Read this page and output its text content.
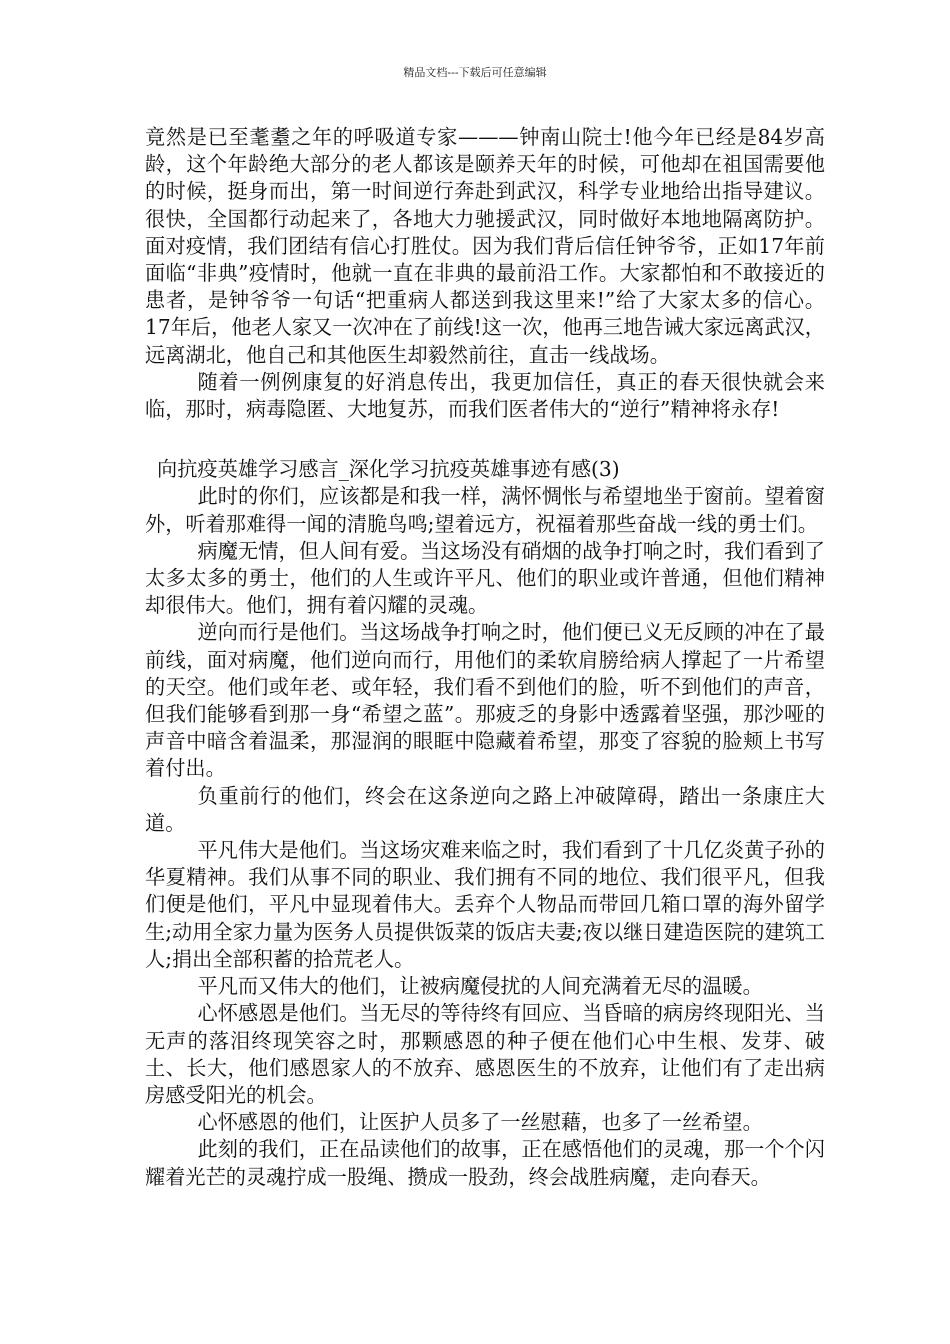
精品文档---下载后可任意编辑

竟然是已至耄耋之年的呼吸道专家———钟南山院士!他今年已经是84岁高龄，这个年龄绝大部分的老人都该是颐养天年的时候，可他却在祖国需要他的时候，挺身而出，第一时间逆行奔赴到武汉，科学专业地给出指导建议。很快，全国都行动起来了，各地大力驰援武汉，同时做好本地地隔离防护。面对疫情，我们团结有信心打胜仗。因为我们背后信任钟爷爷，正如17年前面临“非典”疫情时，他就一直在非典的最前沿工作。大家都怕和不敢接近的患者，是钟爷爷一句话“把重病人都送到我这里来!”给了大家太多的信心。17年后，他老人家又一次冲在了前线!这一次，他再三地告诫大家远离武汉，远离湖北，他自己和其他医生却毅然前往，直击一线战场。

随着一例例康复的好消息传出，我更加信任，真正的春天很快就会来临，那时，病毒隐匿、大地复苏，而我们医者伟大的“逆行”精神将永存!

向抗疫英雄学习感言_深化学习抗疫英雄事迹有感(3)

此时的你们，应该都是和我一样，满怀惆怅与希望地坐于窗前。望着窗外，听着那难得一闻的清脆鸟鸣;望着远方，祝福着那些奋战一线的勇士们。

病魔无情，但人间有爱。当这场没有硝烟的战争打响之时，我们看到了太多太多的勇士，他们的人生或许平凡、他们的职业或许普通，但他们精神却很伟大。他们，拥有着闪耀的灵魂。

逆向而行是他们。当这场战争打响之时，他们便已义无反顾的冲在了最前线，面对病魔，他们逆向而行，用他们的柔软肩膀给病人撑起了一片希望的天空。他们或年老、或年轻，我们看不到他们的脸，听不到他们的声音，但我们能够看到那一身“希望之蓝”。那疲乏的身影中透露着坚强，那沙哑的声音中暗含着温柔，那湿润的眼眶中隐藏着希望，那变了容貌的脸颊上书写着付出。

负重前行的他们，终会在这条逆向之路上冲破障碍，踏出一条康庄大道。

平凡伟大是他们。当这场灾难来临之时，我们看到了十几亿炎黄子孙的华夏精神。我们从事不同的职业、我们拥有不同的地位、我们很平凡，但我们便是他们，平凡中显现着伟大。丢弃个人物品而带回几箱口罩的海外留学生;动用全家力量为医务人员提供饭菜的饭店夫妻;夜以继日建造医院的建筑工人;捐出全部积蓄的拾荒老人。

平凡而又伟大的他们，让被病魔侵扰的人间充满着无尽的温暖。

心怀感恩是他们。当无尽的等待终有回应、当昏暗的病房终现阳光、当无声的落泪终现笑容之时，那颗感恩的种子便在他们心中生根、发芽、破土、长大，他们感恩家人的不放弃、感恩医生的不放弃，让他们有了走出病房感受阳光的机会。

心怀感恩的他们，让医护人员多了一丝慰藉，也多了一丝希望。

此刻的我们，正在品读他们的故事，正在感悟他们的灵魂，那一个个闪耀着光芒的灵魂拧成一股绳、攒成一股劲，终会战胜病魔，走向春天。
